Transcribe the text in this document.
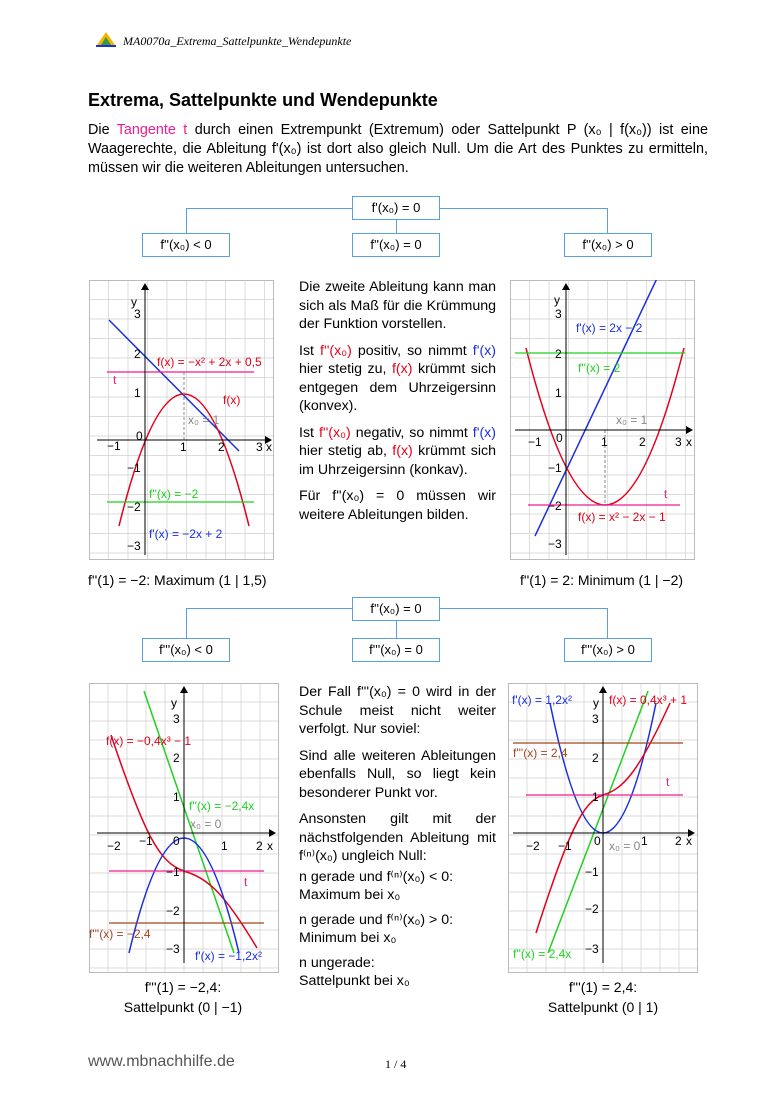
MA0070a_Extrema_Sattelpunkte_Wendepunkte
Extrema, Sattelpunkte und Wendepunkte
Die Tangente t durch einen Extrempunkt (Extremum) oder Sattelpunkt P (x₀ | f(x₀)) ist eine Waagerechte, die Ableitung f'(x₀) ist dort also gleich Null. Um die Art des Punktes zu ermitteln, müssen wir die weiteren Ableitungen untersuchen.
f'(x₀) = 0
f''(x₀) < 0	f''(x₀) = 0	f''(x₀) > 0
f''(x₀) = 0
f'''(x₀) < 0	f'''(x₀) = 0	f'''(x₀) > 0
−1
0
1	2	3 x
y
3
2
1
−1
−2
−3
f(x) = −x² + 2x + 0,5
f(x)
f''(x) = −2
f'(x) = −2x + 2
x₀ = 1
t
−1 0	1	2 3 x
y
3
2
1
−1
−2
−3
f'(x) = 2x − 2
f''(x) = 2
x₀ = 1
t
f(x) = x² − 2x − 1
−2 −1 0	1 2 x
y
3
2
1
−1
−2
−3
f(x) = −0,4x³ − 1
f''(x) = −2,4x
x₀ = 0
t
f'''(x) = −2,4
f'(x) = −1,2x²
−2 −1 0	1 2 x
y
3
2
1
−1
−2
−3
f'(x) = 1,2x²	f(x) = 0,4x³ + 1
f'''(x) = 2,4
t
x₀ = 0
f''(x) = 2,4x
f''(1) = −2: Maximum (1 | 1,5)	f''(1) = 2: Minimum (1 | −2)
f'''(1) = −2,4:
Sattelpunkt (0 | −1)
f'''(1) = 2,4:
Sattelpunkt (0 | 1)

Die zweite Ableitung kann man sich als Maß für die Krümmung der Funktion vorstellen.

Ist f''(x₀) positiv, so nimmt f'(x) hier stetig zu, f(x) krümmt sich entgegen dem Uhrzeigersinn (konvex).

Ist f''(x₀) negativ, so nimmt f'(x) hier stetig ab, f(x) krümmt sich im Uhrzeigersinn (konkav).

Für f''(x₀) = 0 müssen wir weitere Ableitungen bilden.

Der Fall f'''(x₀) = 0 wird in der Schule meist nicht weiter verfolgt. Nur soviel:

Sind alle weiteren Ableitungen ebenfalls Null, so liegt kein besonderer Punkt vor.

Ansonsten gilt mit der nächstfolgenden Ableitung mit f⁽ⁿ⁾(x₀) ungleich Null:

n gerade und f⁽ⁿ⁾(x₀) < 0:
Maximum bei x₀

n gerade und f⁽ⁿ⁾(x₀) > 0:
Minimum bei x₀

n ungerade:
Sattelpunkt bei x₀

www.mbnachhilfe.de	1 / 4
